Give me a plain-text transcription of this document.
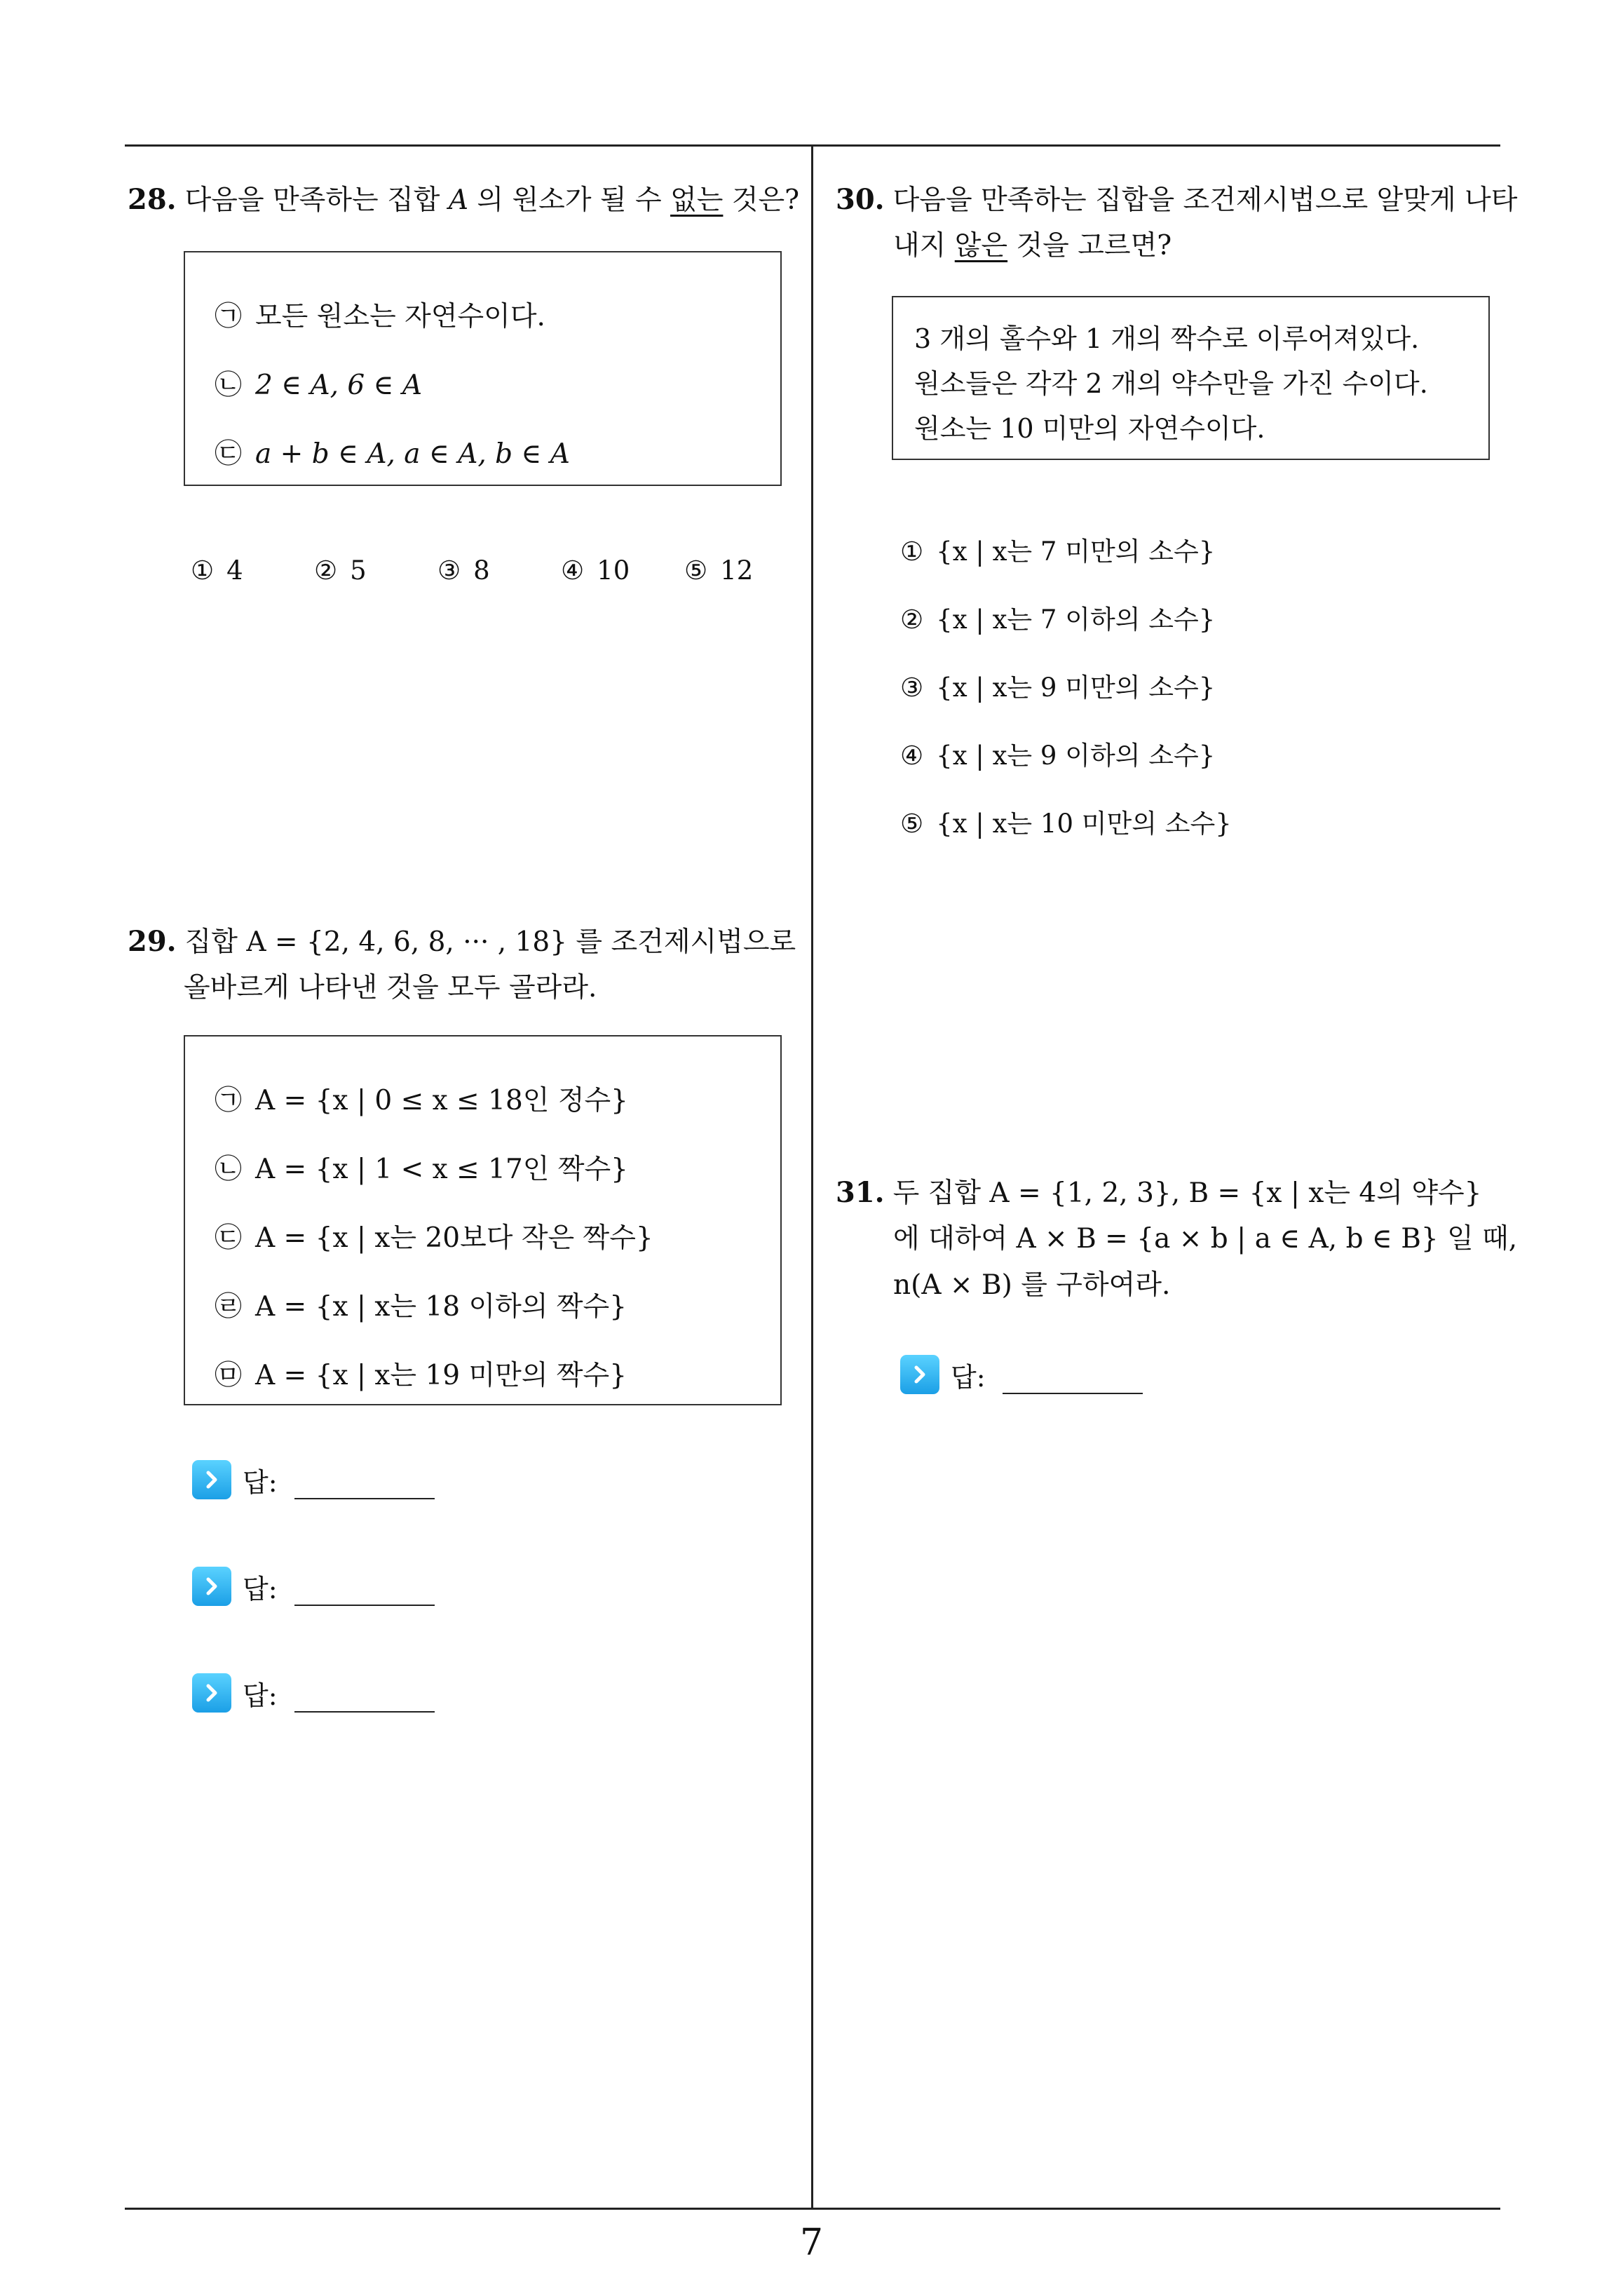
28. 다음을 만족하는 집합 A 의 원소가 될 수 없는 것은?
㉠ 모든 원소는 자연수이다.
㉡ 2 ∈ A, 6 ∈ A
㉢ a + b ∈ A, a ∈ A, b ∈ A
① 4	② 5	③ 8	④ 10 ⑤ 12
29. 집합 A = {2, 4, 6, 8, ··· , 18} 를 조건제시법으로
올바르게 나타낸 것을 모두 골라라.
㉠ A = {x | 0 ≤ x ≤ 18인 정수}
㉡ A = {x | 1 < x ≤ 17인 짝수}
㉢ A = {x | x는 20보다 작은 짝수}
㉣ A = {x | x는 18 이하의 짝수}
㉤ A = {x | x는 19 미만의 짝수}
답:
답:
답:
30. 다음을 만족하는 집합을 조건제시법으로 알맞게 나타
내지 않은 것을 고르면?
3 개의 홀수와 1 개의 짝수로 이루어져있다.
원소들은 각각 2 개의 약수만을 가진 수이다.
원소는 10 미만의 자연수이다.
① {x | x는 7 미만의 소수}
② {x | x는 7 이하의 소수}
③ {x | x는 9 미만의 소수}
④ {x | x는 9 이하의 소수}
⑤ {x | x는 10 미만의 소수}
31. 두 집합 A = {1, 2, 3}, B = {x | x는 4의 약수}
에 대하여 A × B = {a × b | a ∈ A, b ∈ B} 일 때,
n(A × B) 를 구하여라.
답:
7
